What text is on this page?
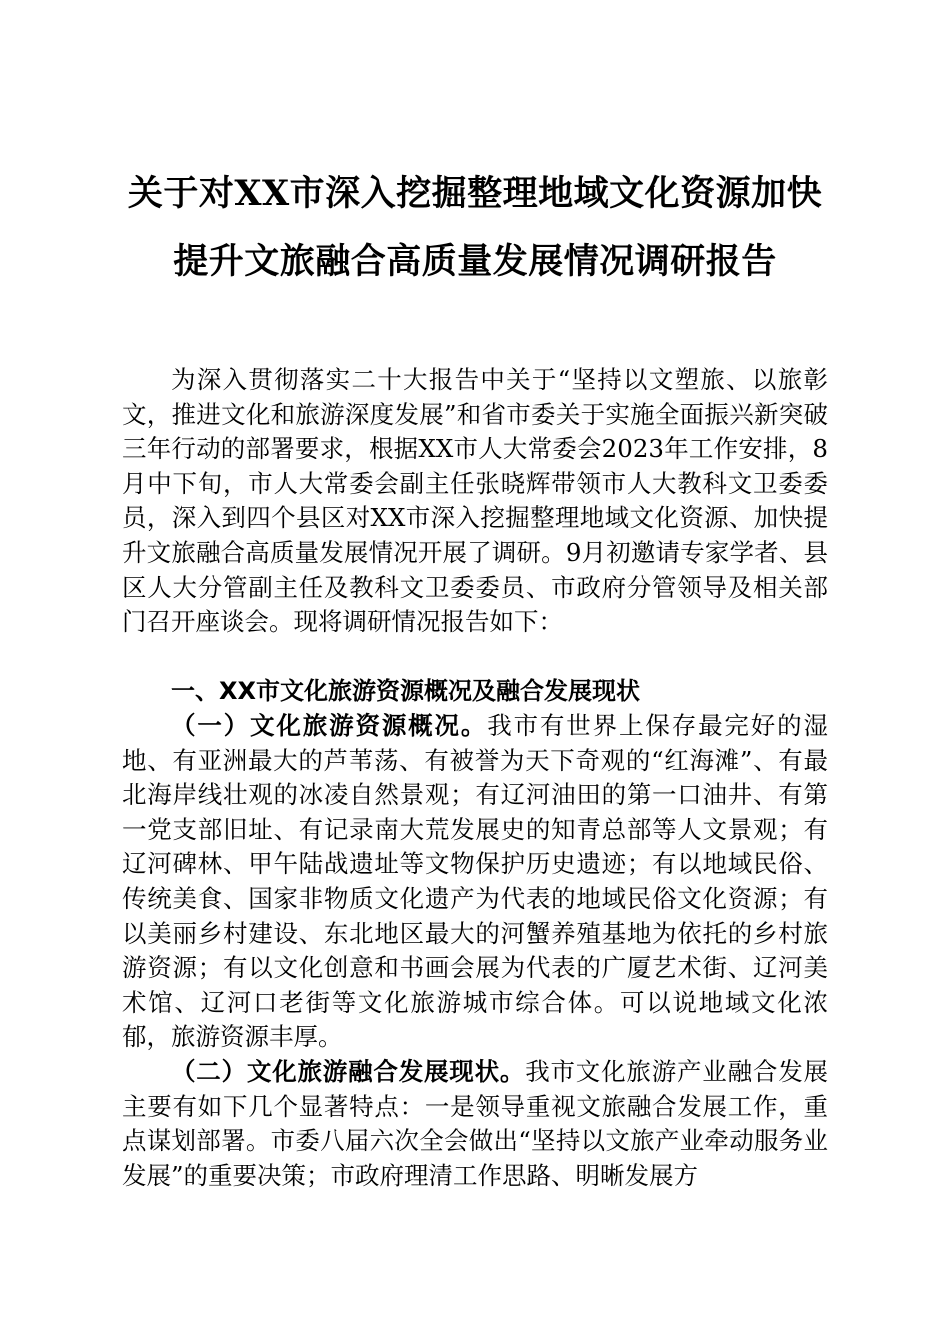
关于对XX市深入挖掘整理地域文化资源加快
提升文旅融合高质量发展情况调研报告

为深入贯彻落实二十大报告中关于“坚持以文塑旅、以旅彰文，推进文化和旅游深度发展”和省市委关于实施全面振兴新突破三年行动的部署要求，根据XX市人大常委会2023年工作安排，8月中下旬，市人大常委会副主任张晓辉带领市人大教科文卫委委员，深入到四个县区对XX市深入挖掘整理地域文化资源、加快提升文旅融合高质量发展情况开展了调研。9月初邀请专家学者、县区人大分管副主任及教科文卫委委员、市政府分管领导及相关部门召开座谈会。现将调研情况报告如下：

一、XX市文化旅游资源概况及融合发展现状

（一）文化旅游资源概况。我市有世界上保存最完好的湿地、有亚洲最大的芦苇荡、有被誉为天下奇观的“红海滩”、有最北海岸线壮观的冰凌自然景观；有辽河油田的第一口油井、有第一党支部旧址、有记录南大荒发展史的知青总部等人文景观；有辽河碑林、甲午陆战遗址等文物保护历史遗迹；有以地域民俗、传统美食、国家非物质文化遗产为代表的地域民俗文化资源；有以美丽乡村建设、东北地区最大的河蟹养殖基地为依托的乡村旅游资源；有以文化创意和书画会展为代表的广厦艺术街、辽河美术馆、辽河口老街等文化旅游城市综合体。可以说地域文化浓郁，旅游资源丰厚。

（二）文化旅游融合发展现状。我市文化旅游产业融合发展主要有如下几个显著特点：一是领导重视文旅融合发展工作，重点谋划部署。市委八届六次全会做出“坚持以文旅产业牵动服务业发展”的重要决策；市政府理清工作思路、明晰发展方
